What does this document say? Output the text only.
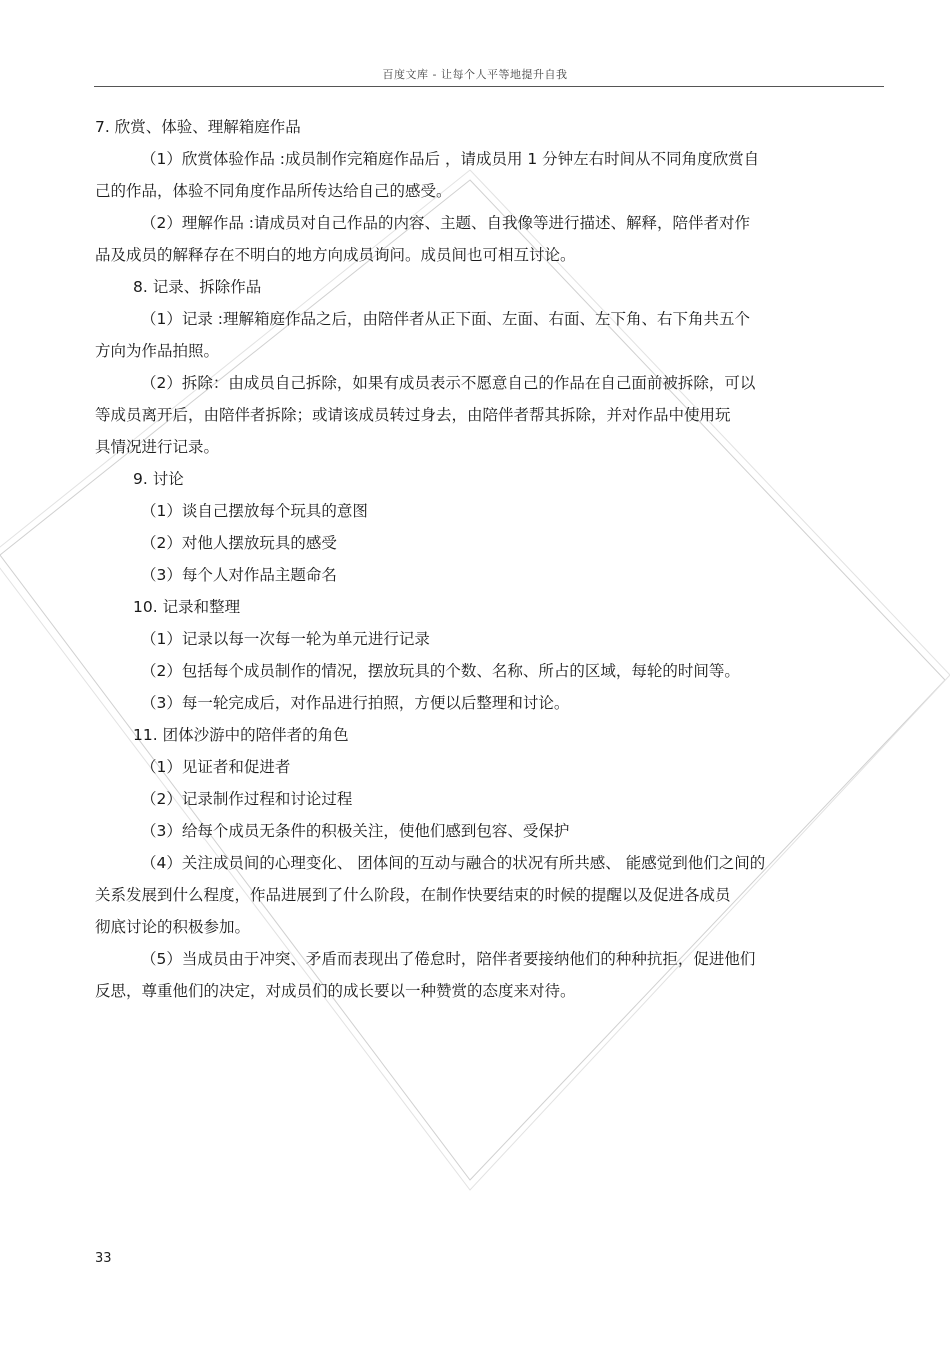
百度文库 - 让每个人平等地提升自我

7. 欣赏、体验、理解箱庭作品

（1）欣赏体验作品 :成员制作完箱庭作品后 ，请成员用 1 分钟左右时间从不同角度欣赏自

己的作品，体验不同角度作品所传达给自己的感受。

（2）理解作品 :请成员对自己作品的内容、主题、自我像等进行描述、解释，陪伴者对作

品及成员的解释存在不明白的地方向成员询问。成员间也可相互讨论。

8. 记录、拆除作品

（1）记录 :理解箱庭作品之后，由陪伴者从正下面、左面、右面、左下角、右下角共五个

方向为作品拍照。

（2）拆除：由成员自己拆除，如果有成员表示不愿意自己的作品在自己面前被拆除，可以

等成员离开后，由陪伴者拆除；或请该成员转过身去，由陪伴者帮其拆除，并对作品中使用玩

具情况进行记录。

9. 讨论

（1）谈自己摆放每个玩具的意图

（2）对他人摆放玩具的感受

（3）每个人对作品主题命名

10. 记录和整理

（1）记录以每一次每一轮为单元进行记录

（2）包括每个成员制作的情况，摆放玩具的个数、名称、所占的区域，每轮的时间等。

（3）每一轮完成后，对作品进行拍照，方便以后整理和讨论。

11. 团体沙游中的陪伴者的角色

（1）见证者和促进者

（2）记录制作过程和讨论过程

（3）给每个成员无条件的积极关注，使他们感到包容、受保护

（4）关注成员间的心理变化、 团体间的互动与融合的状况有所共感、 能感觉到他们之间的

关系发展到什么程度，作品进展到了什么阶段，在制作快要结束的时候的提醒以及促进各成员

彻底讨论的积极参加。

（5）当成员由于冲突、矛盾而表现出了倦怠时，陪伴者要接纳他们的种种抗拒，促进他们

反思，尊重他们的决定，对成员们的成长要以一种赞赏的态度来对待。

33
